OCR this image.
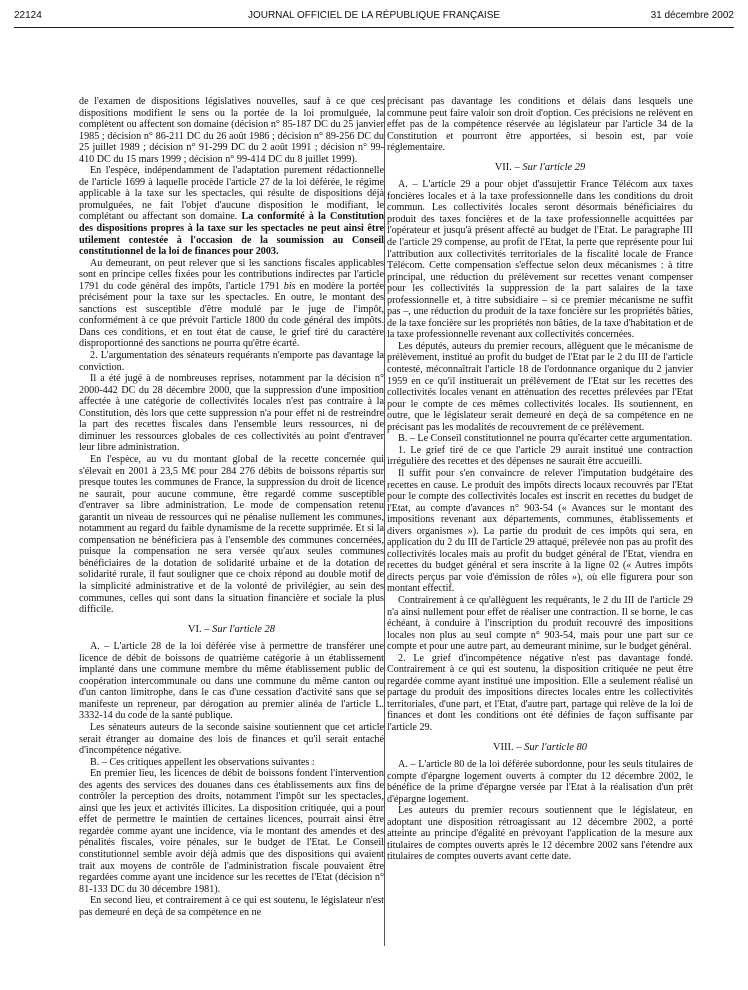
22124	JOURNAL OFFICIEL DE LA RÉPUBLIQUE FRANÇAISE	31 décembre 2002

de l'examen de dispositions législatives nouvelles, sauf à ce que ces dispositions modifient le sens ou la portée de la loi promulguée, la complètent ou affectent son domaine (décision n° 85-187 DC du 25 janvier 1985 ; décision n° 86-211 DC du 26 août 1986 ; décision n° 89-256 DC du 25 juillet 1989 ; décision n° 91-299 DC du 2 août 1991 ; décision n° 99-410 DC du 15 mars 1999 ; décision n° 99-414 DC du 8 juillet 1999).

En l'espèce, indépendamment de l'adaptation purement rédactionnelle de l'article 1699 à laquelle procède l'article 27 de la loi déférée, le régime applicable à la taxe sur les spectacles, qui résulte de dispositions déjà promulguées, ne fait l'objet d'aucune disposition le modifiant, le complétant ou affectant son domaine. La conformité à la Constitution des dispositions propres à la taxe sur les spectacles ne peut ainsi être utilement contestée à l'occasion de la soumission au Conseil constitutionnel de la loi de finances pour 2003.

Au demeurant, on peut relever que si les sanctions fiscales applicables sont en principe celles fixées pour les contributions indirectes par l'article 1791 du code général des impôts, l'article 1791 bis en modère la portée précisément pour la taxe sur les spectacles. En outre, le montant des sanctions est susceptible d'être modulé par le juge de l'impôt, conformément à ce que prévoit l'article 1800 du code général des impôts. Dans ces conditions, et en tout état de cause, le grief tiré du caractère disproportionné des sanctions ne pourra qu'être écarté.

2. L'argumentation des sénateurs requérants n'emporte pas davantage la conviction.

Il a été jugé à de nombreuses reprises, notamment par la décision n° 2000-442 DC du 28 décembre 2000, que la suppression d'une imposition affectée à une catégorie de collectivités locales n'est pas contraire à la Constitution, dès lors que cette suppression n'a pour effet ni de restreindre la part des recettes fiscales dans l'ensemble leurs ressources, ni de diminuer les ressources globales de ces collectivités au point d'entraver leur libre administration.

En l'espèce, au vu du montant global de la recette concernée qui s'élevait en 2001 à 23,5 M€ pour 284 276 débits de boissons répartis sur presque toutes les communes de France, la suppression du droit de licence ne saurait, pour aucune commune, être regardé comme susceptible d'entraver sa libre administration. Le mode de compensation retenu garantit un niveau de ressources qui ne pénalise nullement les communes, notamment au regard du faible dynamisme de la recette supprimée. Et si la compensation ne bénéficiera pas à l'ensemble des communes concernées, puisque la compensation ne sera versée qu'aux seules communes bénéficiaires de la dotation de solidarité urbaine et de la dotation de solidarité rurale, il faut souligner que ce choix répond au double motif de la simplicité administrative et de la volonté de privilégier, au sein des communes, celles qui sont dans la situation financière et sociale la plus difficile.

VI. – Sur l'article 28

A. – L'article 28 de la loi déférée vise à permettre de transférer une licence de débit de boissons de quatrième catégorie à un établissement implanté dans une commune membre du même établissement public de coopération intercommunale ou dans une commune du même canton ou d'un canton limitrophe, dans le cas d'une cessation d'activité sans que se manifeste un repreneur, par dérogation au premier alinéa de l'article L. 3332-14 du code de la santé publique.

Les sénateurs auteurs de la seconde saisine soutiennent que cet article serait étranger au domaine des lois de finances et qu'il serait entaché d'incompétence négative.

B. – Ces critiques appellent les observations suivantes :

En premier lieu, les licences de débit de boissons fondent l'intervention des agents des services des douanes dans ces établissements aux fins de contrôler la perception des droits, notamment l'impôt sur les spectacles, ainsi que les jeux et activités illicites. La disposition critiquée, qui a pour effet de permettre le maintien de certaines licences, pourrait ainsi être regardée comme ayant une incidence, via le montant des amendes et des pénalités fiscales, voire pénales, sur le budget de l'Etat. Le Conseil constitutionnel semble avoir déjà admis que des dispositions qui avaient trait aux moyens de contrôle de l'administration fiscale pouvaient être regardées comme ayant une incidence sur les recettes de l'Etat (décision n° 81-133 DC du 30 décembre 1981).

En second lieu, et contrairement à ce qui est soutenu, le législateur n'est pas demeuré en deçà de sa compétence en ne

précisant pas davantage les conditions et délais dans lesquels une commune peut faire valoir son droit d'option. Ces précisions ne relèvent en effet pas de la compétence réservée au législateur par l'article 34 de la Constitution et pourront être apportées, si besoin est, par voie réglementaire.

VII. – Sur l'article 29

A. – L'article 29 a pour objet d'assujettir France Télécom aux taxes foncières locales et à la taxe professionnelle dans les conditions du droit commun. Les collectivités locales seront désormais bénéficiaires du produit des taxes foncières et de la taxe professionnelle acquittées par l'opérateur et jusqu'à présent affecté au budget de l'Etat. Le paragraphe III de l'article 29 compense, au profit de l'Etat, la perte que représente pour lui l'attribution aux collectivités territoriales de la fiscalité locale de France Télécom. Cette compensation s'effectue selon deux mécanismes : à titre principal, une réduction du prélèvement sur recettes venant compenser pour les collectivités la suppression de la part salaires de la taxe professionnelle et, à titre subsidiaire – si ce premier mécanisme ne suffit pas –, une réduction du produit de la taxe foncière sur les propriétés bâties, de la taxe foncière sur les propriétés non bâties, de la taxe d'habitation et de la taxe professionnelle revenant aux collectivités concernées.

Les députés, auteurs du premier recours, allèguent que le mécanisme de prélèvement, institué au profit du budget de l'Etat par le 2 du III de l'article contesté, méconnaîtrait l'article 18 de l'ordonnance organique du 2 janvier 1959 en ce qu'il instituerait un prélèvement de l'Etat sur les recettes des collectivités locales venant en atténuation des recettes prélevées par l'Etat pour le compte de ces mêmes collectivités locales. Ils soutiennent, en outre, que le législateur serait demeuré en deçà de sa compétence en ne précisant pas les modalités de recouvrement de ce prélèvement.

B. – Le Conseil constitutionnel ne pourra qu'écarter cette argumentation.

1. Le grief tiré de ce que l'article 29 aurait institué une contraction irrégulière des recettes et des dépenses ne saurait être accueilli.

Il suffit pour s'en convaincre de relever l'imputation budgétaire des recettes en cause. Le produit des impôts directs locaux recouvrés par l'Etat pour le compte des collectivités locales est inscrit en recettes du budget de l'Etat, au compte d'avances n° 903-54 (« Avances sur le montant des impositions revenant aux départements, communes, établissements et divers organismes »). La partie du produit de ces impôts qui sera, en application du 2 du III de l'article 29 attaqué, prélevée non pas au profit des collectivités locales mais au profit du budget général de l'Etat, viendra en recettes du budget général et sera inscrite à la ligne 02 (« Autres impôts directs perçus par voie d'émission de rôles »), où elle figurera pour son montant effectif.

Contrairement à ce qu'allèguent les requérants, le 2 du III de l'article 29 n'a ainsi nullement pour effet de réaliser une contraction. Il se borne, le cas échéant, à conduire à l'inscription du produit recouvré des impositions locales non plus au seul compte n° 903-54, mais pour une part sur ce compte et pour une autre part, au demeurant minime, sur le budget général.

2. Le grief d'incompétence négative n'est pas davantage fondé. Contrairement à ce qui est soutenu, la disposition critiquée ne peut être regardée comme ayant institué une imposition. Elle a seulement réalisé un partage du produit des impositions directes locales entre les collectivités territoriales, d'une part, et l'Etat, d'autre part, partage qui relève de la loi de finances et dont les conditions ont été définies de façon suffisante par l'article 29.

VIII. – Sur l'article 80

A. – L'article 80 de la loi déférée subordonne, pour les seuls titulaires de compte d'épargne logement ouverts à compter du 12 décembre 2002, le bénéfice de la prime d'épargne versée par l'Etat à la réalisation d'un prêt d'épargne logement.

Les auteurs du premier recours soutiennent que le législateur, en adoptant une disposition rétroagissant au 12 décembre 2002, a porté atteinte au principe d'égalité en prévoyant l'application de la mesure aux titulaires de comptes ouverts après le 12 décembre 2002 sans l'étendre aux titulaires de comptes ouverts avant cette date.
